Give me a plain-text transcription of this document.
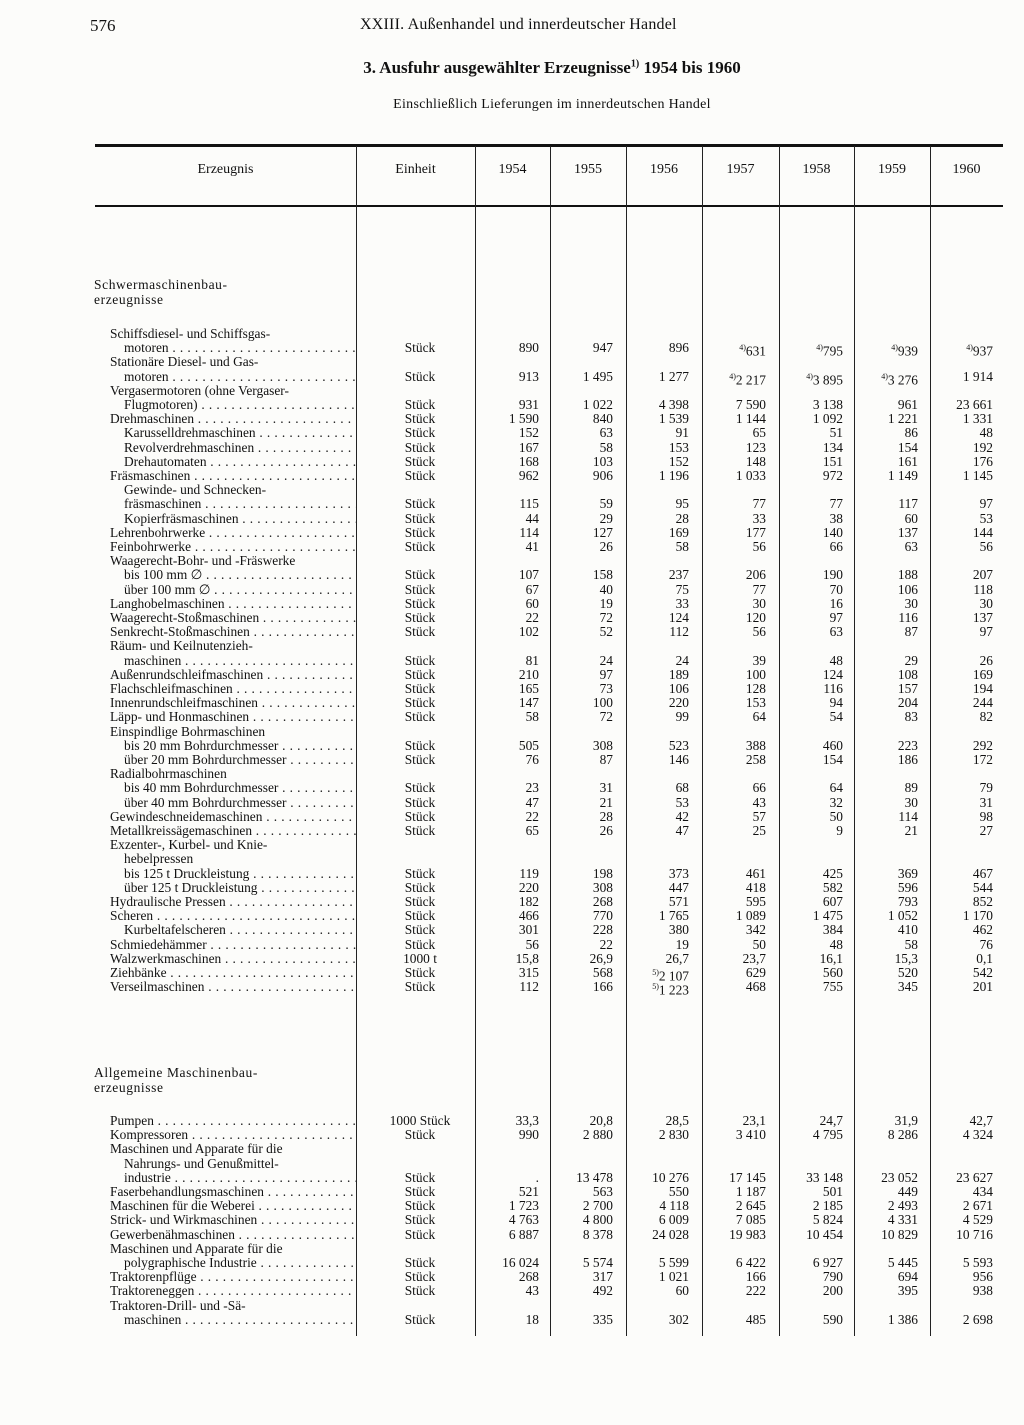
576	XXIII. Außenhandel und innerdeutscher Handel
3. Ausfuhr ausgewählter Erzeugnisse$^{1)}$ 1954 bis 1960
Einschließlich Lieferungen im innerdeutschen Handel
Erzeugnis	Einheit	1954	1955	1956	1957	1958	1959	1960
Schwermaschinenbau-
erzeugnisse
Schiffsdiesel- und Schiffsgas-
motoren . . .	Stück	890	947	896	$^{4)}$631	$^{4)}$795	$^{4)}$939	$^{4)}$937
Stationäre Diesel- und Gas-
motoren . . .	Stück	913	1 495	1 277	$^{4)}$2 217	$^{4)}$3 895	$^{4)}$3 276	1 914
Vergasermotoren (ohne Vergaser-
Flugmotoren) . . .	Stück	931	1 022	4 398	7 590	3 138	961	23 661
Drehmaschinen . . .	Stück	1 590	840	1 539	1 144	1 092	1 221	1 331
Karusselldrehmaschinen . . .	Stück	152	63	91	65	51	86	48
Revolverdrehmaschinen . . .	Stück	167	58	153	123	134	154	192
Drehautomaten . . .	Stück	168	103	152	148	151	161	176
Fräsmaschinen . . .	Stück	962	906	1 196	1 033	972	1 149	1 145
Gewinde- und Schnecken-
fräsmaschinen . . .	Stück	115	59	95	77	77	117	97
Kopierfräsmaschinen . . .	Stück	44	29	28	33	38	60	53
Lehrenbohrwerke . . .	Stück	114	127	169	177	140	137	144
Feinbohrwerke . . .	Stück	41	26	58	56	66	63	56
Waagerecht-Bohr- und -Fräswerke
bis 100 mm ∅ . . .	Stück	107	158	237	206	190	188	207
über 100 mm ∅ . . .	Stück	67	40	75	77	70	106	118
Langhobelmaschinen . . .	Stück	60	19	33	30	16	30	30
Waagerecht-Stoßmaschinen . . .	Stück	22	72	124	120	97	116	137
Senkrecht-Stoßmaschinen . . .	Stück	102	52	112	56	63	87	97
Räum- und Keilnutenzieh-
maschinen . . .	Stück	81	24	24	39	48	29	26
Außenrundschleifmaschinen . . .	Stück	210	97	189	100	124	108	169
Flachschleifmaschinen . . .	Stück	165	73	106	128	116	157	194
Innenrundschleifmaschinen . . .	Stück	147	100	220	153	94	204	244
Läpp- und Honmaschinen . . .	Stück	58	72	99	64	54	83	82
Einspindlige Bohrmaschinen
bis 20 mm Bohrdurchmesser . . .	Stück	505	308	523	388	460	223	292
über 20 mm Bohrdurchmesser . . .	Stück	76	87	146	258	154	186	172
Radialbohrmaschinen
bis 40 mm Bohrdurchmesser . . .	Stück	23	31	68	66	64	89	79
über 40 mm Bohrdurchmesser . . .	Stück	47	21	53	43	32	30	31
Gewindeschneidemaschinen . . .	Stück	22	28	42	57	50	114	98
Metallkreissägemaschinen . . .	Stück	65	26	47	25	9	21	27
Exzenter-, Kurbel- und Knie-
hebelpressen
bis 125 t Druckleistung . . .	Stück	119	198	373	461	425	369	467
über 125 t Druckleistung . . .	Stück	220	308	447	418	582	596	544
Hydraulische Pressen . . .	Stück	182	268	571	595	607	793	852
Scheren . . .	Stück	466	770	1 765	1 089	1 475	1 052	1 170
Kurbeltafelscheren . . .	Stück	301	228	380	342	384	410	462
Schmiedehämmer . . .	Stück	56	22	19	50	48	58	76
Walzwerkmaschinen . . .	1000 t	15,8	26,9	26,7	23,7	16,1	15,3	0,1
Ziehbänke . . .	Stück	315	568	$^{5)}$2 107	629	560	520	542
Verseilmaschinen . . .	Stück	112	166	$^{5)}$1 223	468	755	345	201
Allgemeine Maschinenbau-
erzeugnisse
Pumpen . . .	1000 Stück	33,3	20,8	28,5	23,1	24,7	31,9	42,7
Kompressoren . . .	Stück	990	2 880	2 830	3 410	4 795	8 286	4 324
Maschinen und Apparate für die
Nahrungs- und Genußmittel-
industrie . . .	Stück	.	13 478	10 276	17 145	33 148	23 052	23 627
Faserbehandlungsmaschinen . . .	Stück	521	563	550	1 187	501	449	434
Maschinen für die Weberei . . .	Stück	1 723	2 700	4 118	2 645	2 185	2 493	2 671
Strick- und Wirkmaschinen . . .	Stück	4 763	4 800	6 009	7 085	5 824	4 331	4 529
Gewerbenähmaschinen . . .	Stück	6 887	8 378	24 028	19 983	10 454	10 829	10 716
Maschinen und Apparate für die
polygraphische Industrie . . .	Stück	16 024	5 574	5 599	6 422	6 927	5 445	5 593
Traktorenpflüge . . .	Stück	268	317	1 021	166	790	694	956
Traktoreneggen . . .	Stück	43	492	60	222	200	395	938
Traktoren-Drill- und -Sä-
maschinen . . .	Stück	18	335	302	485	590	1 386	2 698
